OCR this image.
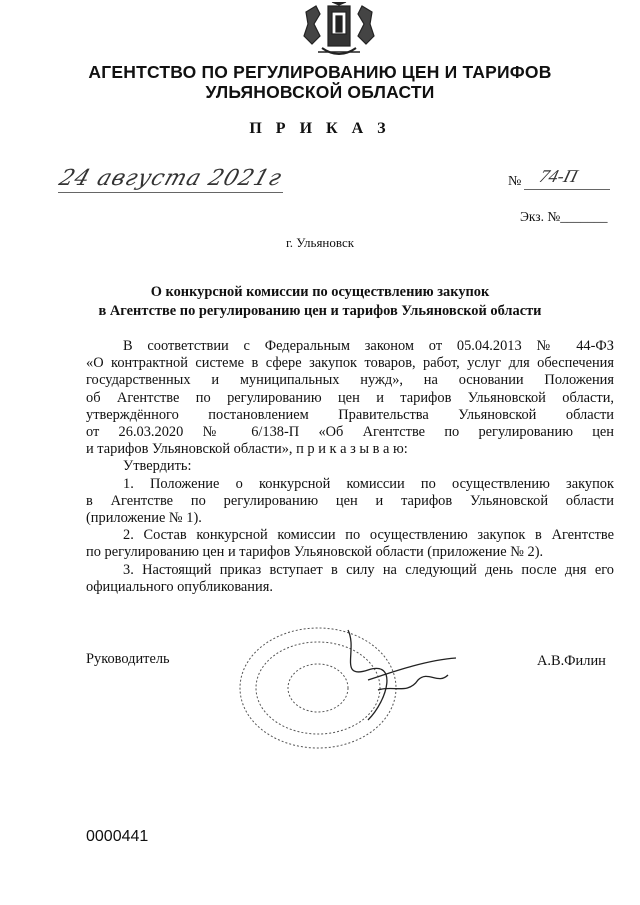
АГЕНТСТВО ПО РЕГУЛИРОВАНИЮ ЦЕН И ТАРИФОВ
УЛЬЯНОВСКОЙ ОБЛАСТИ
П Р И К А З
24 августа 2021г	№ 74-П
Экз. №_______
г. Ульяновск
О конкурсной комиссии по осуществлению закупок
в Агентстве по регулированию цен и тарифов Ульяновской области

В соответствии с Федеральным законом от 05.04.2013 № 44-ФЗ

«О контрактной системе в сфере закупок товаров, работ, услуг для обеспечения

государственных и муниципальных нужд», на основании Положения

об Агентстве по регулированию цен и тарифов Ульяновской области,

утверждённого постановлением Правительства Ульяновской области

от 26.03.2020 № 6/138-П «Об Агентстве по регулированию цен

и тарифов Ульяновской области», п р и к а з ы в а ю:

Утвердить:

1. Положение о конкурсной комиссии по осуществлению закупок

в Агентстве по регулированию цен и тарифов Ульяновской области

(приложение № 1).

2. Состав конкурсной комиссии по осуществлению закупок в Агентстве

по регулированию цен и тарифов Ульяновской области (приложение № 2).

3. Настоящий приказ вступает в силу на следующий день после дня его

официального опубликования.

Руководитель	А.В.Филин
0000441
